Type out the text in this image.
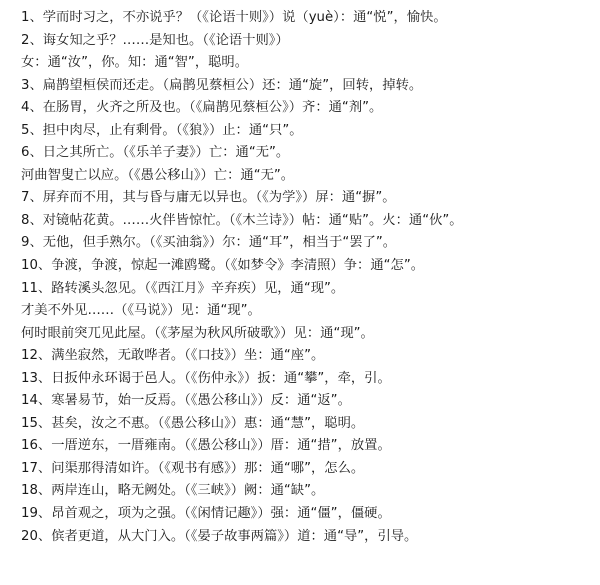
1、学而时习之，不亦说乎？（《论语十则》）说（yuè）：通“悦”，愉快。
2、诲女知之乎？……是知也。（《论语十则》）
女：通“汝”，你。知：通“智”，聪明。
3、扁鹊望桓侯而还走。（扁鹊见蔡桓公）还：通“旋”，回转，掉转。
4、在肠胃，火齐之所及也。（《扁鹊见蔡桓公》）齐：通“剂”。
5、担中肉尽，止有剩骨。（《狼》）止：通“只”。
6、日之其所亡。（《乐羊子妻》）亡：通“无”。
河曲智叟亡以应。（《愚公移山》）亡：通“无”。
7、屏弃而不用，其与昏与庸无以异也。（《为学》）屏：通“摒”。
8、对镜帖花黄。……火伴皆惊忙。（《木兰诗》）帖：通“贴”。火：通“伙”。
9、无他，但手熟尔。（《买油翁》）尔：通“耳”，相当于“罢了”。
10、争渡，争渡，惊起一滩鸥鹭。（《如梦令》李清照）争：通“怎”。
11、路转溪头忽见。（《西江月》辛弃疾）见，通“现”。
才美不外见……（《马说》）见：通“现”。
何时眼前突兀见此屋。（《茅屋为秋风所破歌》）见：通“现”。
12、满坐寂然，无敢哗者。（《口技》）坐：通“座”。
13、日扳仲永环谒于邑人。（《伤仲永》）扳：通“攀”，牵，引。
14、寒暑易节，始一反焉。（《愚公移山》）反：通“返”。
15、甚矣，汝之不惠。（《愚公移山》）惠：通“慧”，聪明。
16、一厝逆东，一厝雍南。（《愚公移山》）厝：通“措”，放置。
17、问渠那得清如许。（《观书有感》）那：通“哪”，怎么。
18、两岸连山，略无阙处。（《三峡》）阙：通“缺”。
19、昂首观之，项为之强。（《闲情记趣》）强：通“僵”，僵硬。
20、傧者更道，从大门入。（《晏子故事两篇》）道：通“导”，引导。
